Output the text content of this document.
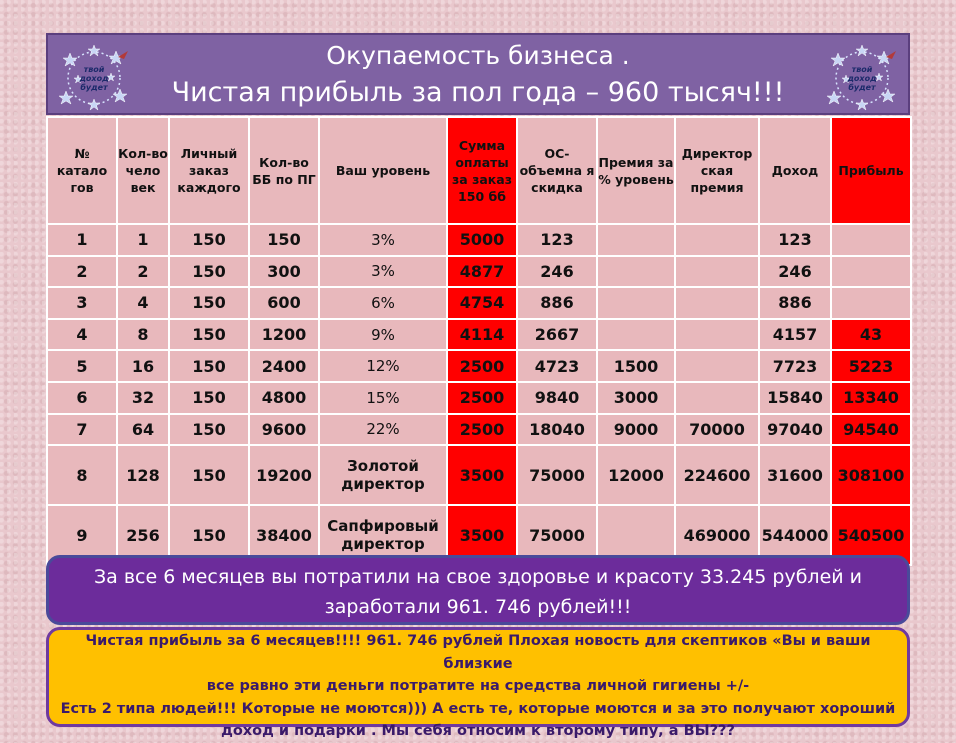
твой
доход
будет
Окупаемость бизнеса .
Чистая прибыль за пол года – 960 тысяч!!!
твой
доход
будет
№ катало гов	Кол-во чело век	Личный заказ каждого	Кол-во ББ по ПГ	Ваш уровень	Сумма оплаты за заказ 150 бб	ОС-объемна я скидка	Премия за % уровень	Директор ская премия	Доход	Прибыль
1	1	150	150	3%	5000	123			123	
2	2	150	300	3%	4877	246			246	
3	4	150	600	6%	4754	886			886	
4	8	150	1200	9%	4114	2667			4157	43
5	16	150	2400	12%	2500	4723	1500		7723	5223
6	32	150	4800	15%	2500	9840	3000		15840	13340
7	64	150	9600	22%	2500	18040	9000	70000	97040	94540
8	128	150	19200	Золотой директор	3500	75000	12000	224600	31600	308100
9	256	150	38400	Сапфировый директор	3500	75000		469000	544000	540500
За все 6 месяцев вы потратили на свое здоровье и красоту 33.245 рублей и заработали 961. 746 рублей!!!
Чистая прибыль за 6 месяцев!!!! 961. 746 рублей Плохая новость для скептиков «Вы и ваши близкие
все равно эти деньги потратите на средства личной гигиены +/-
Есть 2 типа людей!!! Которые не моются))) А есть те, которые моются и за это получают хороший
доход и подарки . Мы себя относим к второму типу, а ВЫ???
